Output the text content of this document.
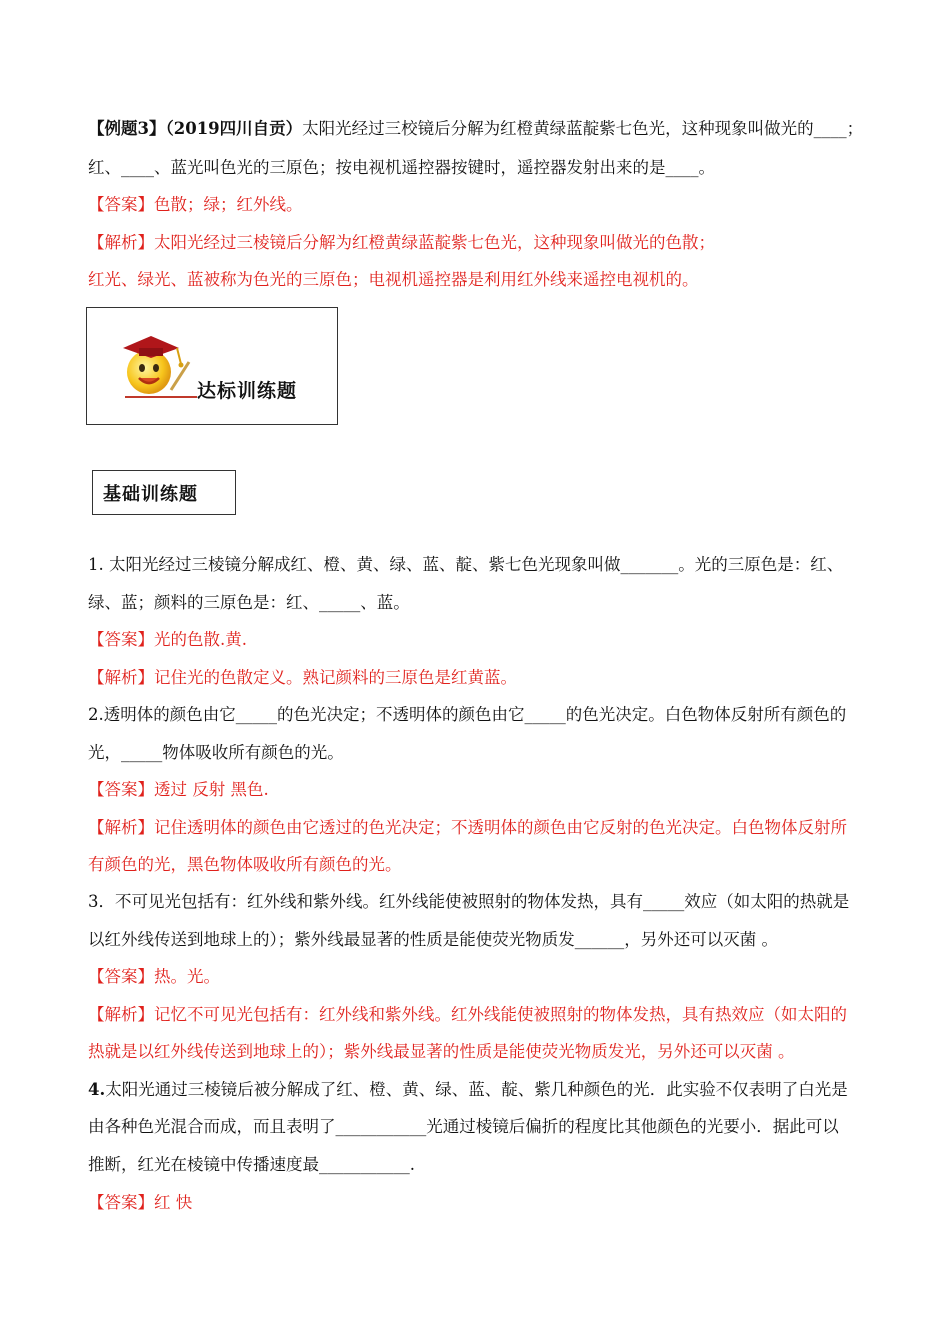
【例题3】（2019四川自贡）太阳光经过三校镜后分解为红橙黄绿蓝靛紫七色光，这种现象叫做光的____；
红、____、蓝光叫色光的三原色；按电视机遥控器按键时，遥控器发射出来的是____。
【答案】色散；绿；红外线。
【解析】太阳光经过三棱镜后分解为红橙黄绿蓝靛紫七色光，这种现象叫做光的色散；
红光、绿光、蓝被称为色光的三原色；电视机遥控器是利用红外线来遥控电视机的。
达标训练题
基础训练题
1. 太阳光经过三棱镜分解成红、橙、黄、绿、蓝、靛、紫七色光现象叫做_______。光的三原色是：红、
绿、蓝；颜料的三原色是：红、_____、蓝。
【答案】光的色散.黄.
【解析】记住光的色散定义。熟记颜料的三原色是红黄蓝。
2.透明体的颜色由它_____的色光决定；不透明体的颜色由它_____的色光决定。白色物体反射所有颜色的
光，_____物体吸收所有颜色的光。
【答案】透过 反射 黑色.
【解析】记住透明体的颜色由它透过的色光决定；不透明体的颜色由它反射的色光决定。白色物体反射所
有颜色的光，黑色物体吸收所有颜色的光。
3．不可见光包括有：红外线和紫外线。红外线能使被照射的物体发热，具有_____效应（如太阳的热就是
以红外线传送到地球上的）；紫外线最显著的性质是能使荧光物质发______，另外还可以灭菌 。
【答案】热。光。
【解析】记忆不可见光包括有：红外线和紫外线。红外线能使被照射的物体发热，具有热效应（如太阳的
热就是以红外线传送到地球上的）；紫外线最显著的性质是能使荧光物质发光，另外还可以灭菌 。
4.太阳光通过三棱镜后被分解成了红、橙、黄、绿、蓝、靛、紫几种颜色的光．此实验不仅表明了白光是
由各种色光混合而成，而且表明了___________光通过棱镜后偏折的程度比其他颜色的光要小．据此可以
推断，红光在棱镜中传播速度最___________.
【答案】红 快
